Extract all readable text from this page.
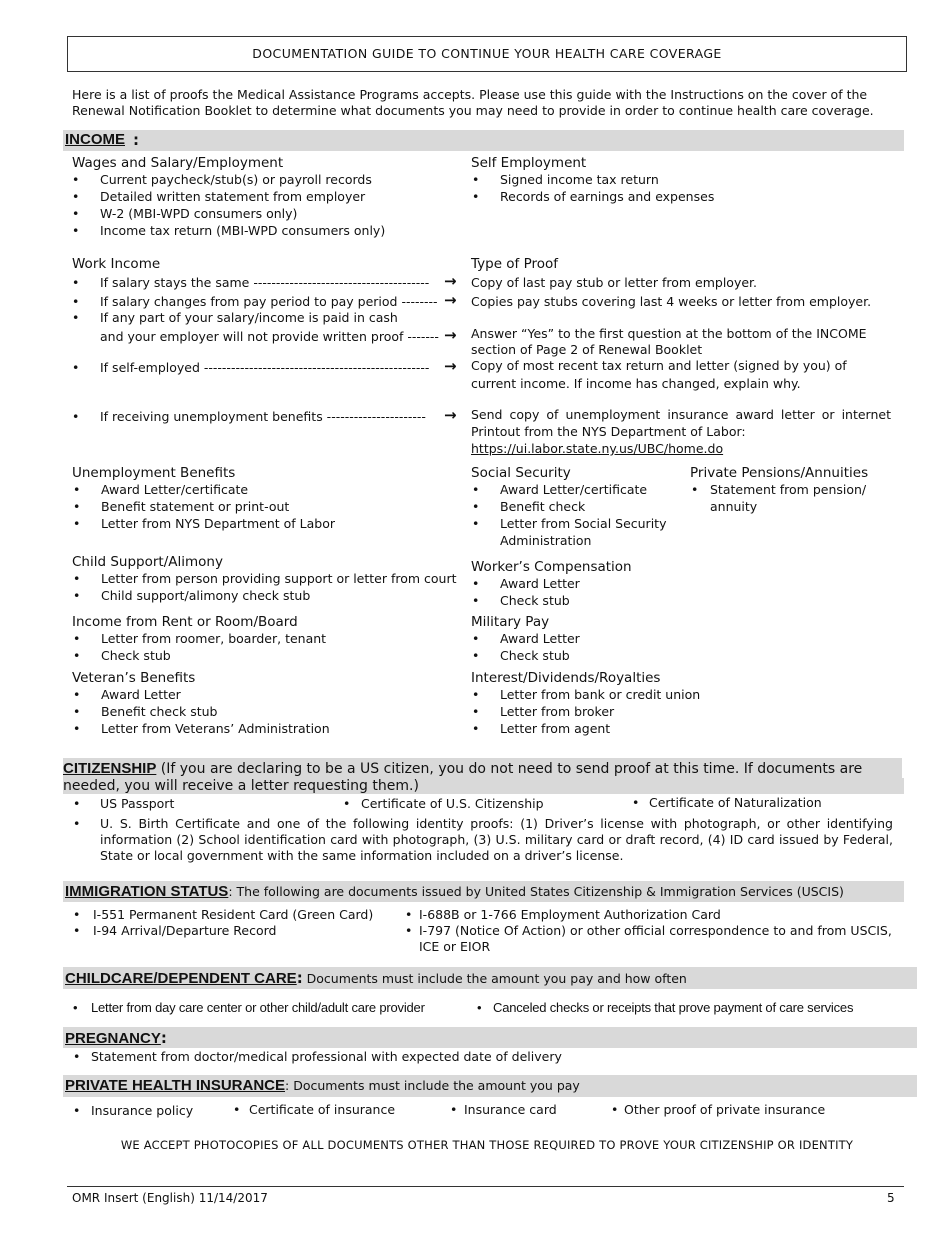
DOCUMENTATION GUIDE TO CONTINUE YOUR HEALTH CARE COVERAGE
Here is a list of proofs the Medical Assistance Programs accepts. Please use this guide with the Instructions on the cover of the Renewal Notification Booklet to determine what documents you may need to provide in order to continue health care coverage.
INCOME :
Wages and Salary/Employment
• Current paycheck/stub(s) or payroll records
• Detailed written statement from employer
• W-2 (MBI-WPD consumers only)
• Income tax return (MBI-WPD consumers only)
Self Employment
• Signed income tax return
• Records of earnings and expenses
Work Income	Type of Proof
• If salary stays the same --------------------------------------- → Copy of last pay stub or letter from employer.
• If salary changes from pay period to pay period -------- → Copies pay stubs covering last 4 weeks or letter from employer.
• If any part of your salary/income is paid in cash
and your employer will not provide written proof ------- → Answer “Yes” to the first question at the bottom of the INCOME section of Page 2 of Renewal Booklet
• If self-employed -------------------------------------------------- → Copy of most recent tax return and letter (signed by you) of current income. If income has changed, explain why.
• If receiving unemployment benefits ---------------------- → Send copy of unemployment insurance award letter or internet Printout from the NYS Department of Labor:
https://ui.labor.state.ny.us/UBC/home.do
Unemployment Benefits
• Award Letter/certificate
• Benefit statement or print-out
• Letter from NYS Department of Labor
Social Security
• Award Letter/certificate
• Benefit check
• Letter from Social Security Administration
Private Pensions/Annuities
• Statement from pension/ annuity
Child Support/Alimony
• Letter from person providing support or letter from court
• Child support/alimony check stub
Worker’s Compensation
• Award Letter
• Check stub
Income from Rent or Room/Board
• Letter from roomer, boarder, tenant
• Check stub
Military Pay
• Award Letter
• Check stub
Veteran’s Benefits
• Award Letter
• Benefit check stub
• Letter from Veterans’ Administration
Interest/Dividends/Royalties
• Letter from bank or credit union
• Letter from broker
• Letter from agent
CITIZENSHIP (If you are declaring to be a US citizen, you do not need to send proof at this time. If documents are
needed, you will receive a letter requesting them.)
• US Passport	• Certificate of U.S. Citizenship	• Certificate of Naturalization
• U. S. Birth Certificate and one of the following identity proofs: (1) Driver’s license with photograph, or other identifying information (2) School identification card with photograph, (3) U.S. military card or draft record, (4) ID card issued by Federal, State or local government with the same information included on a driver’s license.
IMMIGRATION STATUS: The following are documents issued by United States Citizenship & Immigration Services (USCIS)
• I-551 Permanent Resident Card (Green Card)
• I-94 Arrival/Departure Record
• I-688B or 1-766 Employment Authorization Card
• I-797 (Notice Of Action) or other official correspondence to and from USCIS, ICE or EIOR
CHILDCARE/DEPENDENT CARE: Documents must include the amount you pay and how often
• Letter from day care center or other child/adult care provider	• Canceled checks or receipts that prove payment of care services
PREGNANCY:
• Statement from doctor/medical professional with expected date of delivery
PRIVATE HEALTH INSURANCE: Documents must include the amount you pay
• Insurance policy	• Certificate of insurance	• Insurance card	• Other proof of private insurance
WE ACCEPT PHOTOCOPIES OF ALL DOCUMENTS OTHER THAN THOSE REQUIRED TO PROVE YOUR CITIZENSHIP OR IDENTITY
OMR Insert (English) 11/14/2017	5
